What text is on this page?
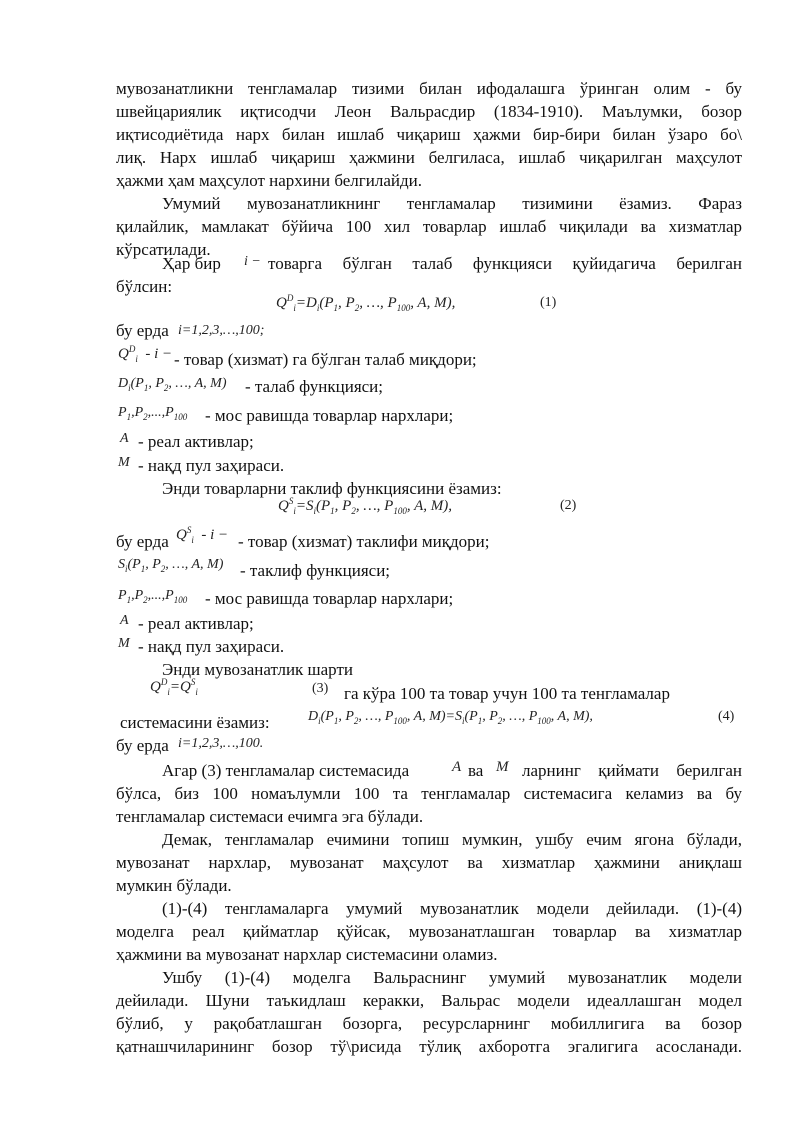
мувозанатликни тенгламалар тизими билан ифодалашга ўринган олим - бу
швейцариялик иқтисодчи Леон Вальрасдир (1834-1910). Маълумки, бозор
иқтисодиётида нарх билан ишлаб чиқариш ҳажми бир-бири билан ўзаро бо\
лиқ. Нарх ишлаб чиқариш ҳажмини белгиласа, ишлаб чиқарилган маҳсулот
ҳажми ҳам маҳсулот нархини белгилайди.
Умумий мувозанатликнинг тенгламалар тизимини ёзамиз. Фараз
қилайлик, мамлакат бўйича 100 хил товарлар ишлаб чиқилади ва хизматлар
кўрсатилади.
Ҳар бир i − товарга бўлган талаб функцияси қуйидагича берилган
бўлсин:
$Q^D_i=D_i(P_1$, $P_2$, …, $P_{100}$, A, M),	(1)
бу ерда i=1,2,3,…,100;
$Q^D_i$  - i − - товар (хизмат) га бўлган талаб миқдори;
$D_i(P_1$, $P_2$, …, A, M) - талаб функцияси;
$P_1,P_2,...,P_{100}$ - мос равишда товарлар нархлари;
A - реал активлар;
M - нақд пул заҳираси.
Энди товарларни таклиф функциясини ёзамиз:
$Q^S_i=S_i(P_1$, $P_2$, …, $P_{100}$, A, M),	(2)
бу ерда $Q^S_i$  - i − - товар (хизмат) таклифи миқдори;
$S_i(P_1$, $P_2$, …, A, M) - таклиф функцияси;
$P_1,P_2,...,P_{100}$ - мос равишда товарлар нархлари;
A - реал активлар;
M - нақд пул заҳираси.
Энди мувозанатлик шарти
$Q^D_i=Q^S_i$	(3) га кўра 100 та товар учун 100 та тенгламалар
системасини ёзамиз:	$D_i(P_1$, $P_2$, …, $P_{100}$, A, $M)=S_i(P_1$, $P_2$, …, $P_{100}$, A, M),	(4)
бу ерда i=1,2,3,…,100.
Агар (3) тенгламалар системасида	A ва M ларнинг қиймати берилган
бўлса, биз 100 номаълумли 100 та тенгламалар системасига келамиз ва бу
тенгламалар системаси ечимга эга бўлади.
Демак, тенгламалар ечимини топиш мумкин, ушбу ечим ягона бўлади,
мувозанат нархлар, мувозанат маҳсулот ва хизматлар ҳажмини аниқлаш
мумкин бўлади.
(1)-(4) тенгламаларга умумий мувозанатлик модели дейилади. (1)-(4)
моделга реал қийматлар қўйсак, мувозанатлашган товарлар ва хизматлар
ҳажмини ва мувозанат нархлар системасини оламиз.
Ушбу (1)-(4) моделга Вальраснинг умумий мувозанатлик модели
дейилади. Шуни таъкидлаш керакки, Вальрас модели идеаллашган модел
бўлиб, у рақобатлашган бозорга, ресурсларнинг мобиллигига ва бозор
қатнашчиларининг бозор тў\рисида тўлиқ ахборотга эгалигига асосланади.
